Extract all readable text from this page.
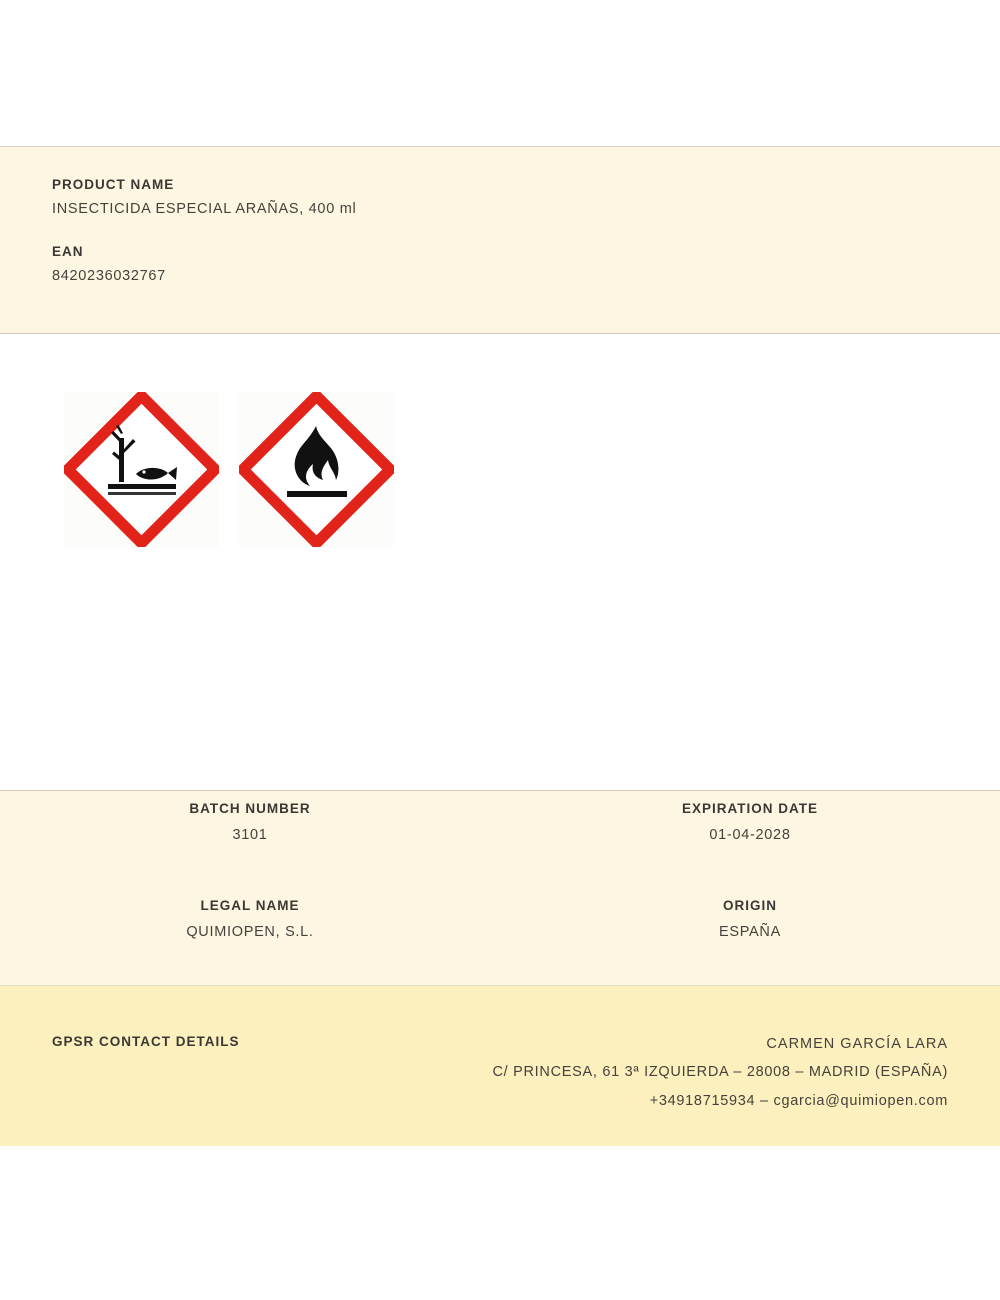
PRODUCT NAME
INSECTICIDA ESPECIAL ARAÑAS, 400 ml
EAN
8420236032767
BATCH NUMBER
3101
EXPIRATION DATE
01-04-2028
LEGAL NAME
QUIMIOPEN, S.L.
ORIGIN
ESPAÑA
GPSR CONTACT DETAILS	CARMEN GARCÍA LARA
C/ PRINCESA, 61 3ª IZQUIERDA – 28008 – MADRID (ESPAÑA)
+34918715934 – cgarcia@quimiopen.com
